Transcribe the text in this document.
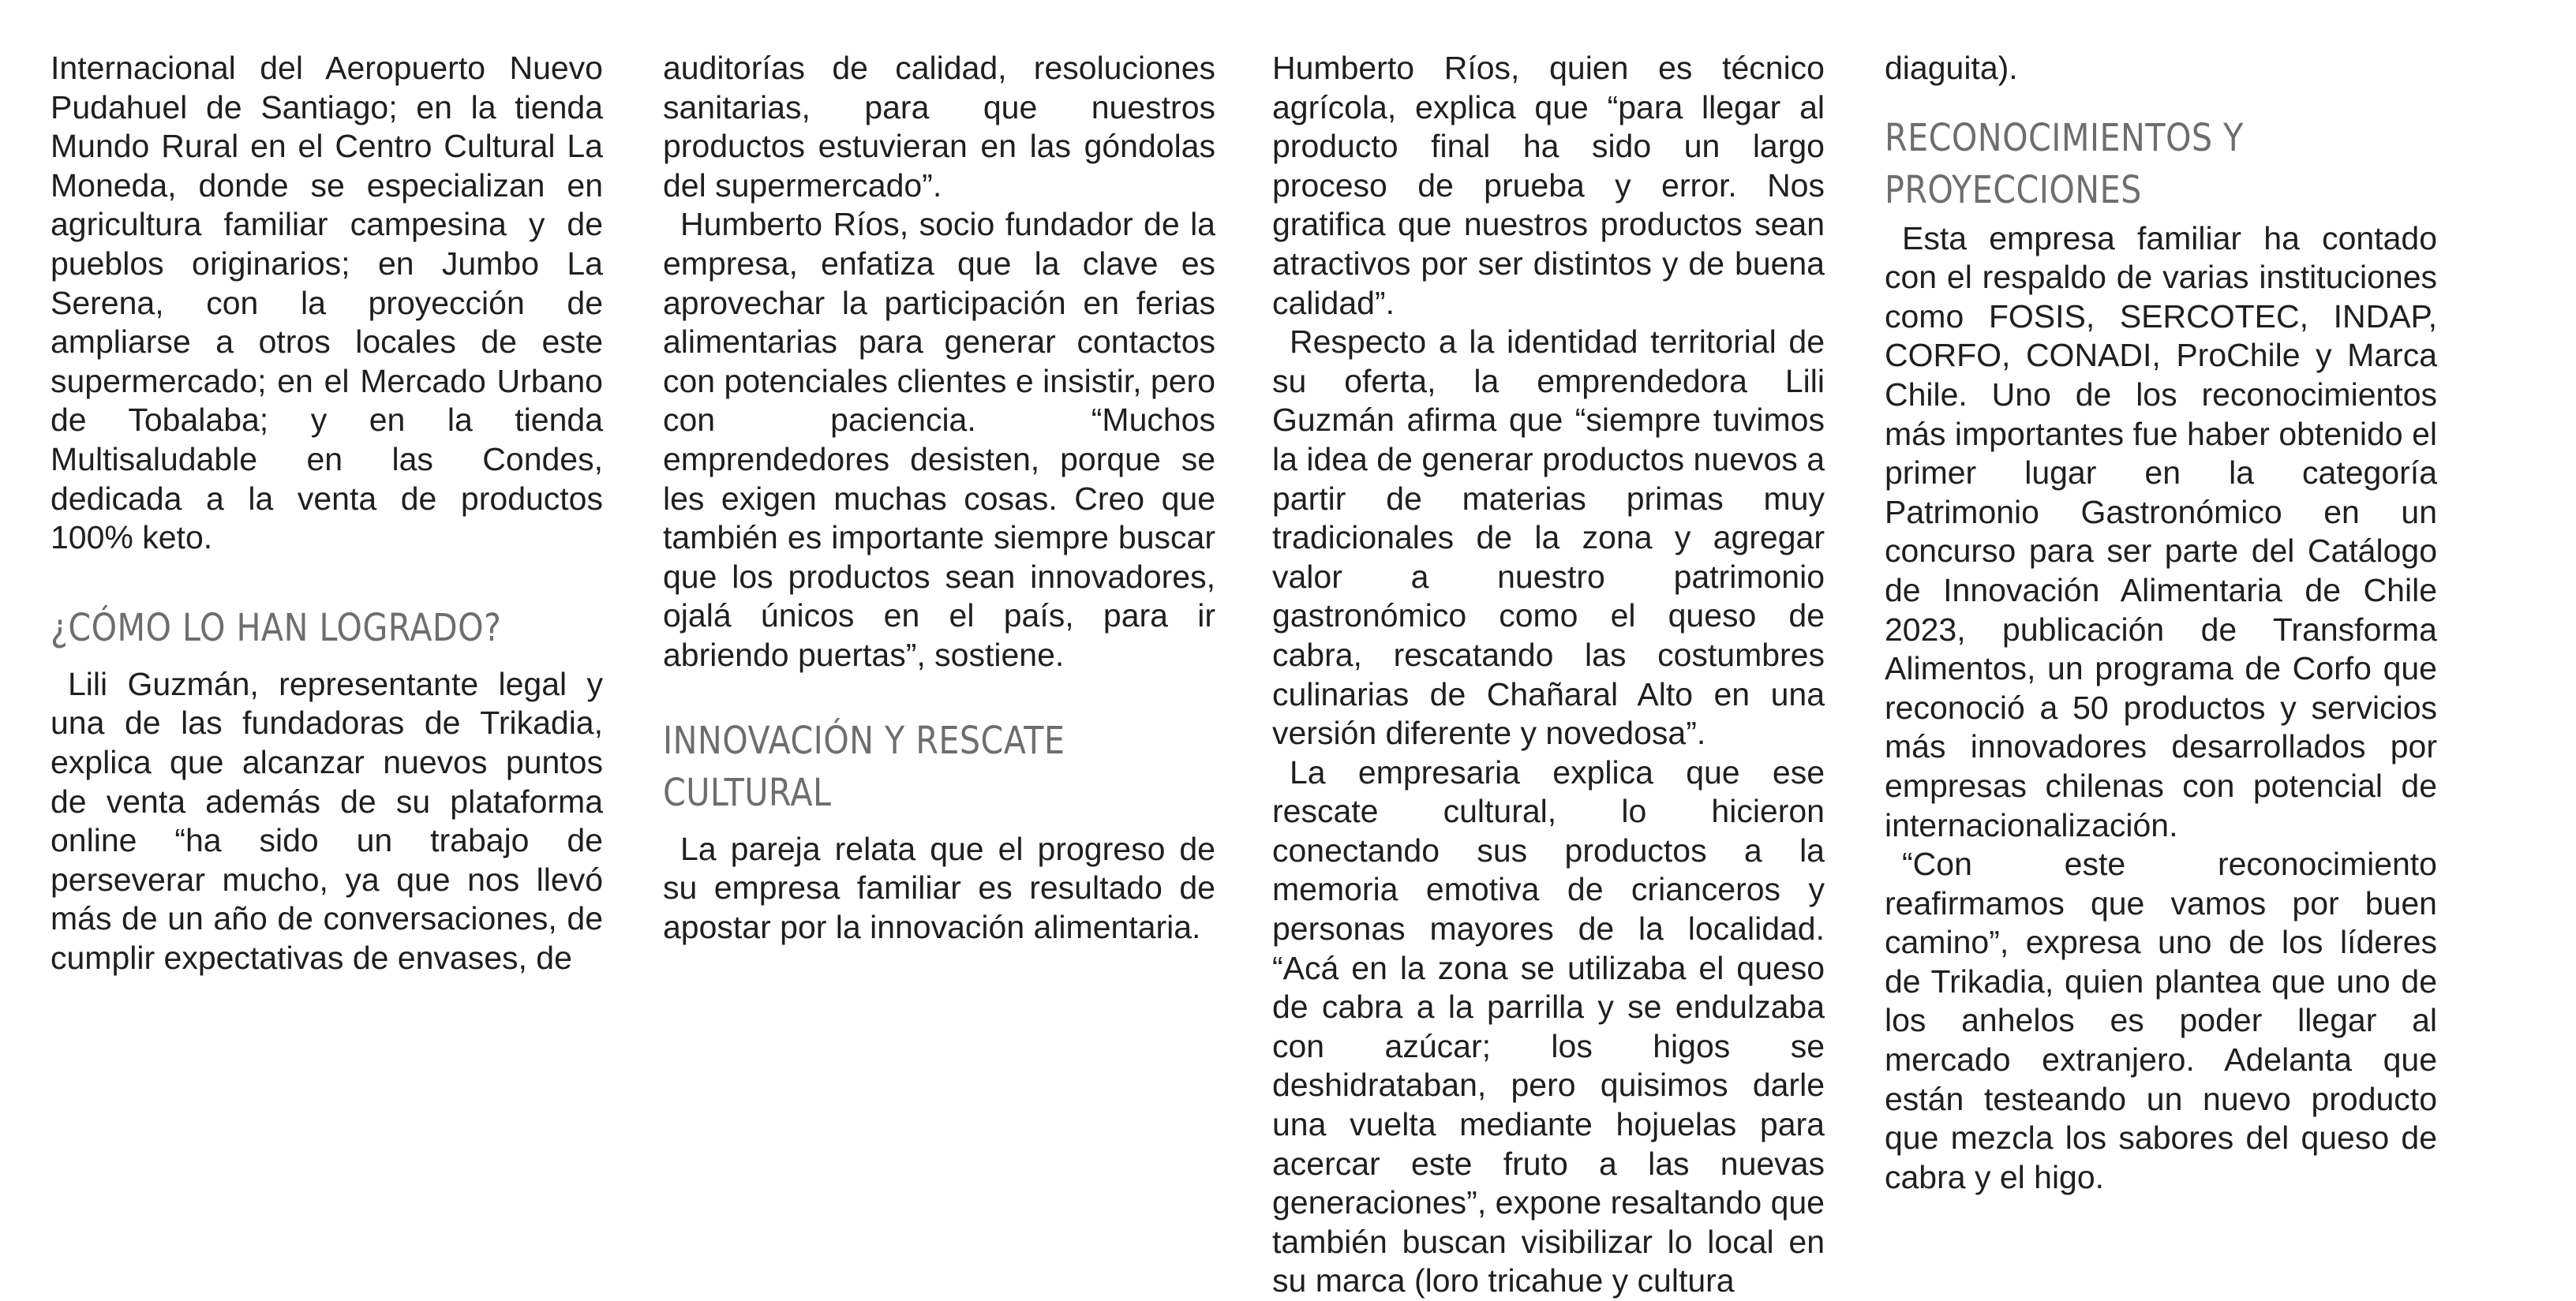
Internacional del Aeropuerto Nuevo Pudahuel de Santiago; en la tienda Mundo Rural en el Centro Cultural La Moneda, donde se especializan en agricultura familiar campesina y de pueblos originarios; en Jumbo La Serena, con la proyección de ampliarse a otros locales de este supermercado; en el Mercado Urbano de Tobalaba; y en la tienda Multisaludable en las Condes, dedicada a la venta de productos 100% keto.

¿CÓMO LO HAN LOGRADO?

Lili Guzmán, representante legal y una de las fundadoras de Trikadia, explica que alcanzar nuevos puntos de venta además de su plataforma online “ha sido un trabajo de perseverar mucho, ya que nos llevó más de un año de conversaciones, de cumplir expectativas de envases, de

auditorías de calidad, resoluciones sanitarias, para que nuestros productos estuvieran en las góndolas del supermercado”.

Humberto Ríos, socio fundador de la empresa, enfatiza que la clave es aprovechar la participación en ferias alimentarias para generar contactos con potenciales clientes e insistir, pero con paciencia. “Muchos emprendedores desisten, porque se les exigen muchas cosas. Creo que también es importante siempre buscar que los productos sean innovadores, ojalá únicos en el país, para ir abriendo puertas”, sostiene.

INNOVACIÓN Y RESCATE CULTURAL

La pareja relata que el progreso de su empresa familiar es resultado de apostar por la innovación alimentaria.

Humberto Ríos, quien es técnico agrícola, explica que “para llegar al producto final ha sido un largo proceso de prueba y error. Nos gratifica que nuestros productos sean atractivos por ser distintos y de buena calidad”.

Respecto a la identidad territorial de su oferta, la emprendedora Lili Guzmán afirma que “siempre tuvimos la idea de generar productos nuevos a partir de materias primas muy tradicionales de la zona y agregar valor a nuestro patrimonio gastronómico como el queso de cabra, rescatando las costumbres culinarias de Chañaral Alto en una versión diferente y novedosa”.

La empresaria explica que ese rescate cultural, lo hicieron conectando sus productos a la memoria emotiva de crianceros y personas mayores de la localidad. “Acá en la zona se utilizaba el queso de cabra a la parrilla y se endulzaba con azúcar; los higos se deshidrataban, pero quisimos darle una vuelta mediante hojuelas para acercar este fruto a las nuevas generaciones”, expone resaltando que también buscan visibilizar lo local en su marca (loro tricahue y cultura

diaguita).

RECONOCIMIENTOS Y PROYECCIONES

Esta empresa familiar ha contado con el respaldo de varias instituciones como FOSIS, SERCOTEC, INDAP, CORFO, CONADI, ProChile y Marca Chile. Uno de los reconocimientos más importantes fue haber obtenido el primer lugar en la categoría Patrimonio Gastronómico en un concurso para ser parte del Catálogo de Innovación Alimentaria de Chile 2023, publicación de Transforma Alimentos, un programa de Corfo que reconoció a 50 productos y servicios más innovadores desarrollados por empresas chilenas con potencial de internacionalización.

“Con este reconocimiento reafirmamos que vamos por buen camino”, expresa uno de los líderes de Trikadia, quien plantea que uno de los anhelos es poder llegar al mercado extranjero. Adelanta que están testeando un nuevo producto que mezcla los sabores del queso de cabra y el higo.
